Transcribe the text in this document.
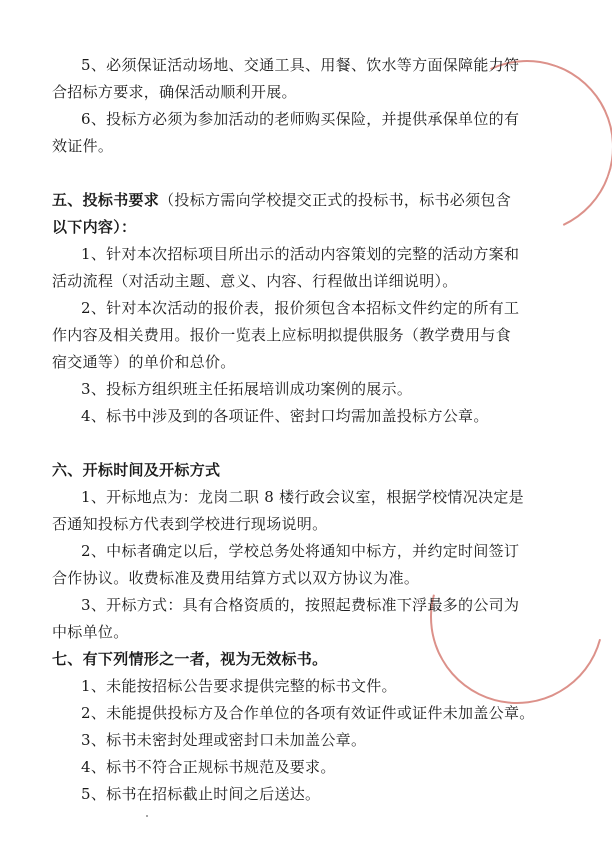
5、必须保证活动场地、交通工具、用餐、饮水等方面保障能力符
合招标方要求，确保活动顺利开展。
6、投标方必须为参加活动的老师购买保险，并提供承保单位的有
效证件。
五、投标书要求（投标方需向学校提交正式的投标书，标书必须包含
以下内容）：
1、针对本次招标项目所出示的活动内容策划的完整的活动方案和
活动流程（对活动主题、意义、内容、行程做出详细说明）。
2、针对本次活动的报价表，报价须包含本招标文件约定的所有工
作内容及相关费用。报价一览表上应标明拟提供服务（教学费用与食
宿交通等）的单价和总价。
3、投标方组织班主任拓展培训成功案例的展示。
4、标书中涉及到的各项证件、密封口均需加盖投标方公章。
六、开标时间及开标方式
1、开标地点为：龙岗二职 8 楼行政会议室，根据学校情况决定是
否通知投标方代表到学校进行现场说明。
2、中标者确定以后，学校总务处将通知中标方，并约定时间签订
合作协议。收费标准及费用结算方式以双方协议为准。
3、开标方式：具有合格资质的，按照起费标准下浮最多的公司为
中标单位。
七、有下列情形之一者，视为无效标书。
1、未能按招标公告要求提供完整的标书文件。
2、未能提供投标方及合作单位的各项有效证件或证件未加盖公章。
3、标书未密封处理或密封口未加盖公章。
4、标书不符合正规标书规范及要求。
5、标书在招标截止时间之后送达。
